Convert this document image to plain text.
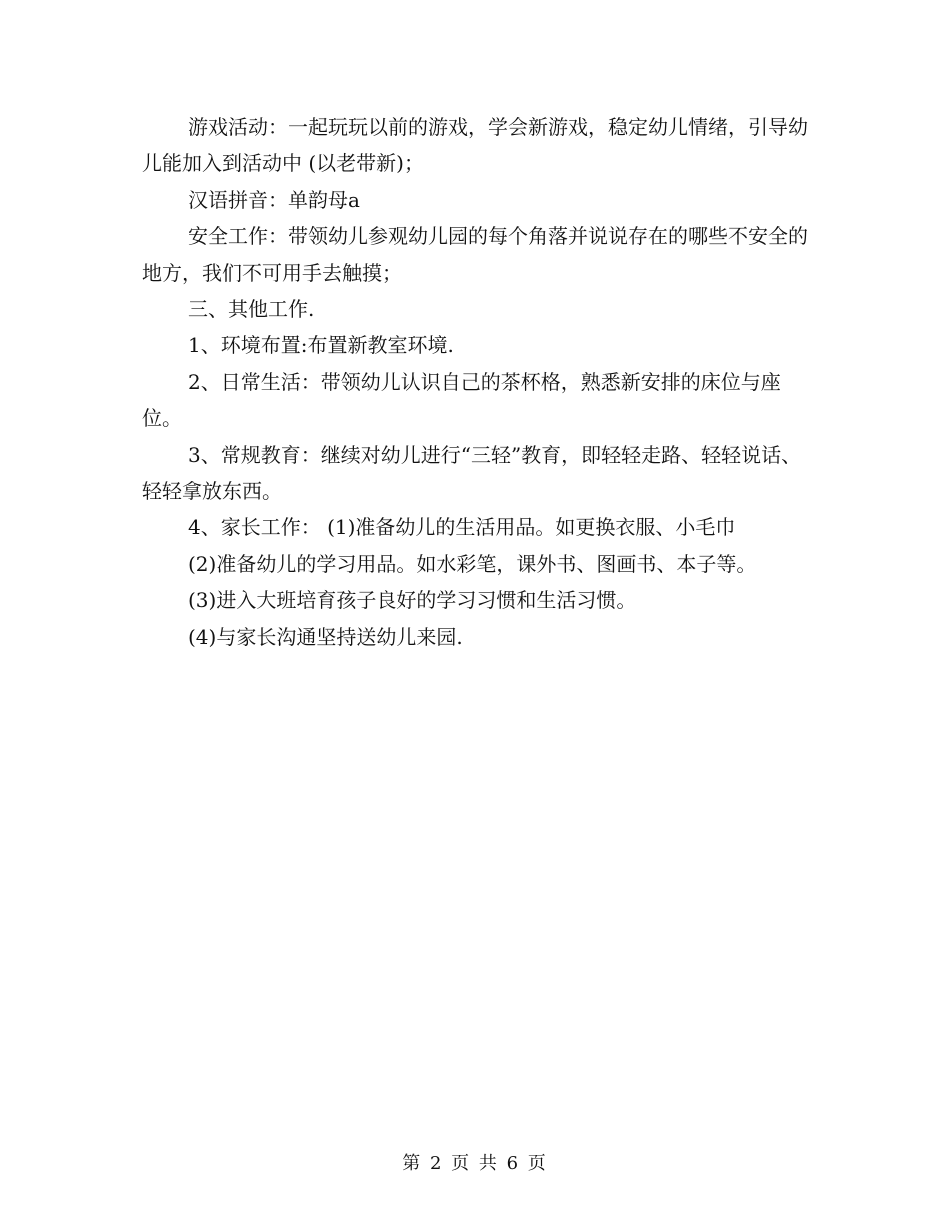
游戏活动：一起玩玩以前的游戏，学会新游戏，稳定幼儿情绪，引导幼儿能加入到活动中 (以老带新)；

汉语拼音：单韵母a

安全工作：带领幼儿参观幼儿园的每个角落并说说存在的哪些不安全的地方，我们不可用手去触摸；

三、其他工作.

1、环境布置:布置新教室环境.

2、日常生活：带领幼儿认识自己的茶杯格，熟悉新安排的床位与座位。

3、常规教育：继续对幼儿进行“三轻”教育，即轻轻走路、轻轻说话、轻轻拿放东西。

4、家长工作： (1)准备幼儿的生活用品。如更换衣服、小毛巾

(2)准备幼儿的学习用品。如水彩笔，课外书、图画书、本子等。

(3)进入大班培育孩子良好的学习习惯和生活习惯。

(4)与家长沟通坚持送幼儿来园.

第 2 页 共 6 页
